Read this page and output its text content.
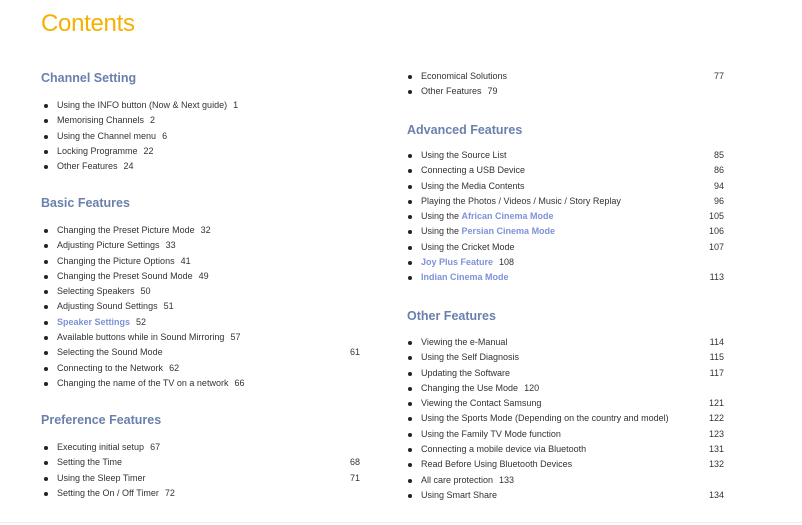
Contents
Channel Setting
Using the INFO button (Now & Next guide) 1
Memorising Channels 2
Using the Channel menu 6
Locking Programme 22
Other Features 24
Basic Features
Changing the Preset Picture Mode 32
Adjusting Picture Settings 33
Changing the Picture Options 41
Changing the Preset Sound Mode 49
Selecting Speakers 50
Adjusting Sound Settings 51
Speaker Settings 52
Available buttons while in Sound Mirroring 57
Selecting the Sound Mode	61
Connecting to the Network 62
Changing the name of the TV on a network 66
Preference Features
Executing initial setup 67
Setting the Time	68
Using the Sleep Timer	71
Setting the On / Off Timer 72
Economical Solutions	77
Other Features 79
Advanced Features
Using the Source List	85
Connecting a USB Device	86
Using the Media Contents	94
Playing the Photos / Videos / Music / Story Replay	96
Using the African Cinema Mode	105
Using the Persian Cinema Mode	106
Using the Cricket Mode	107
Joy Plus Feature 108
Indian Cinema Mode	113
Other Features
Viewing the e-Manual	114
Using the Self Diagnosis	115
Updating the Software	117
Changing the Use Mode 120
Viewing the Contact Samsung	121
Using the Sports Mode (Depending on the country and model)	122
Using the Family TV Mode function	123
Connecting a mobile device via Bluetooth	131
Read Before Using Bluetooth Devices	132
All care protection 133
Using Smart Share	134
